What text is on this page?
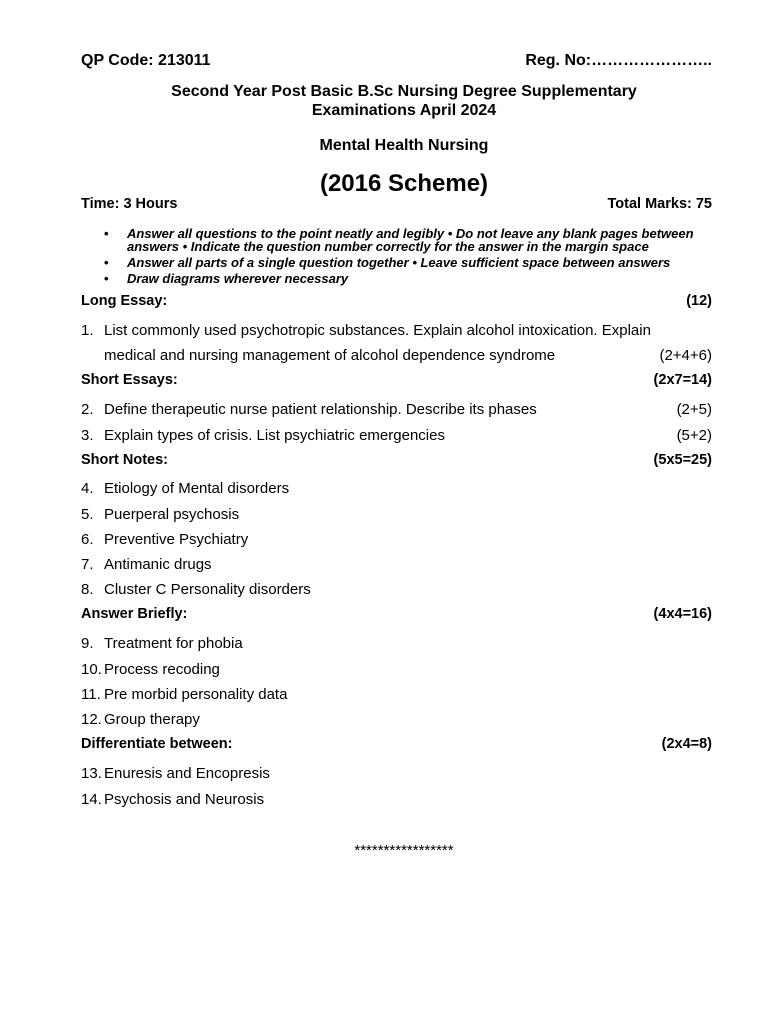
QP Code: 213011	Reg. No:…………………..
Second Year Post Basic B.Sc Nursing Degree Supplementary
Examinations April 2024
Mental Health Nursing
(2016 Scheme)
Time: 3 Hours	Total Marks: 75
• Answer all questions to the point neatly and legibly • Do not leave any blank pages between answers • Indicate the question number correctly for the answer in the margin space
• Answer all parts of a single question together • Leave sufficient space between answers
• Draw diagrams wherever necessary
Long Essay:	(12)
1. List commonly used psychotropic substances. Explain alcohol intoxication. Explain
medical and nursing management of alcohol dependence syndrome	(2+4+6)
Short Essays:	(2x7=14)
2. Define therapeutic nurse patient relationship. Describe its phases	(2+5)
3. Explain types of crisis. List psychiatric emergencies	(5+2)
Short Notes:	(5x5=25)
4. Etiology of Mental disorders
5. Puerperal psychosis
6. Preventive Psychiatry
7. Antimanic drugs
8. Cluster C Personality disorders
Answer Briefly:	(4x4=16)
9. Treatment for phobia
10. Process recoding
11. Pre morbid personality data
12. Group therapy
Differentiate between:	(2x4=8)
13. Enuresis and Encopresis
14. Psychosis and Neurosis
*****************
